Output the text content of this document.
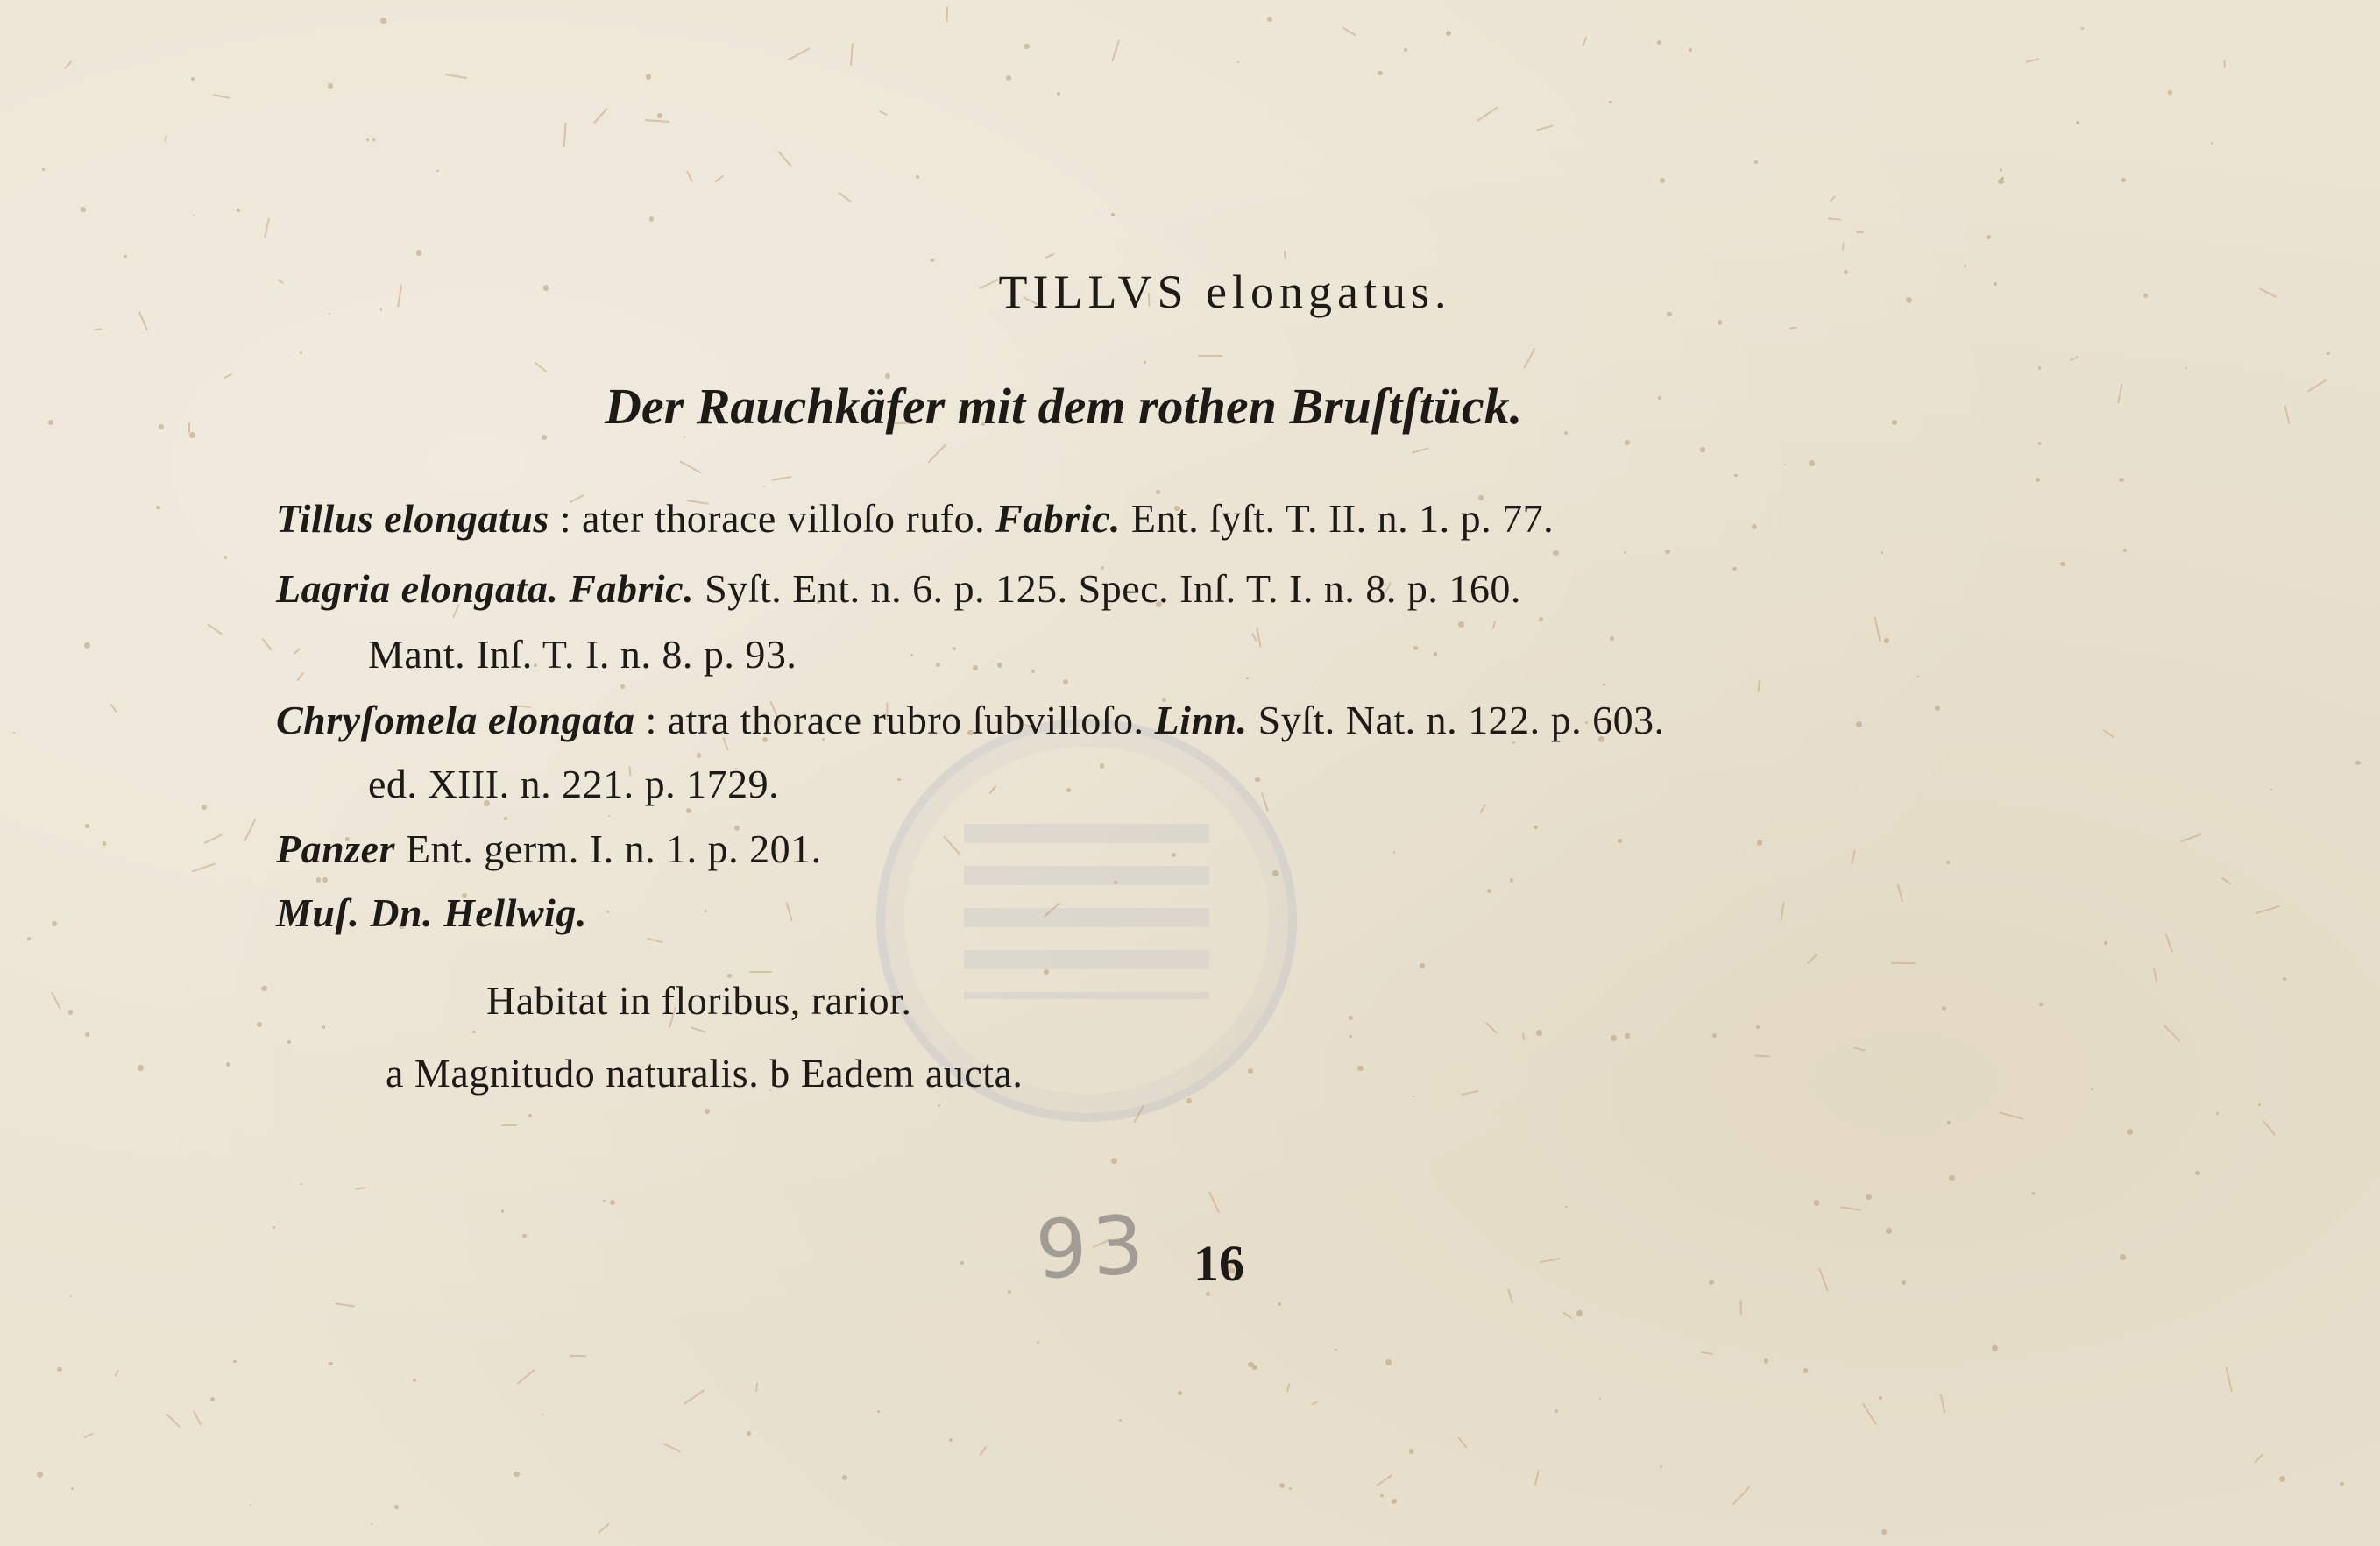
TILLVS elongatus.
Der Rauchkäfer mit dem rothen Bruſtſtück.
Tillus elongatus : ater thorace villoſo rufo. Fabric. Ent. ſyſt. T. II. n. 1. p. 77.
Lagria elongata. Fabric. Syſt. Ent. n. 6. p. 125. Spec. Inſ. T. I. n. 8. p. 160.
Mant. Inſ. T. I. n. 8. p. 93.
Chryſomela elongata : atra thorace rubro ſubvilloſo. Linn. Syſt. Nat. n. 122. p. 603.
ed. XIII. n. 221. p. 1729.
Panzer Ent. germ. I. n. 1. p. 201.
Muſ. Dn. Hellwig.
Habitat in floribus, rarior.
a Magnitudo naturalis. b Eadem aucta.
93 16
